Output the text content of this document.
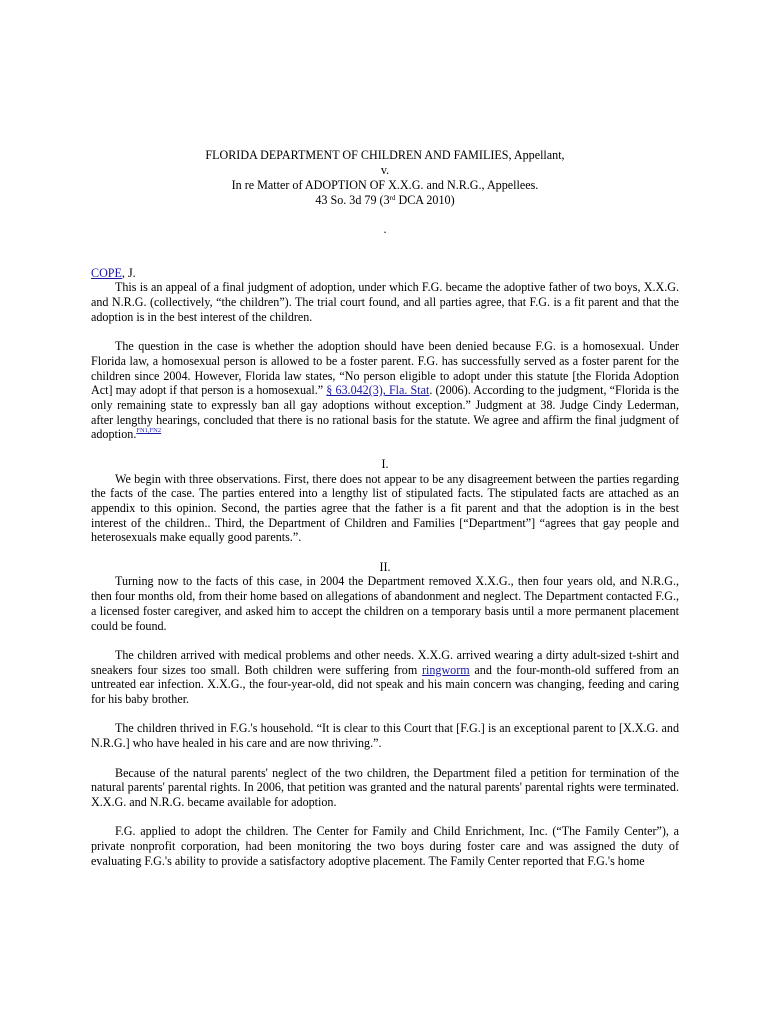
FLORIDA DEPARTMENT OF CHILDREN AND FAMILIES, Appellant,
v.
In re Matter of ADOPTION OF X.X.G. and N.R.G., Appellees.
43 So. 3d 79 (3rd DCA 2010)
.
COPE, J.

This is an appeal of a final judgment of adoption, under which F.G. became the adoptive father of two boys, X.X.G. and N.R.G. (collectively, “the children”). The trial court found, and all parties agree, that F.G. is a fit parent and that the adoption is in the best interest of the children.

The question in the case is whether the adoption should have been denied because F.G. is a homosexual. Under Florida law, a homosexual person is allowed to be a foster parent. F.G. has successfully served as a foster parent for the children since 2004. However, Florida law states, “No person eligible to adopt under this statute [the Florida Adoption Act] may adopt if that person is a homosexual.” § 63.042(3), Fla. Stat. (2006). According to the judgment, “Florida is the only remaining state to expressly ban all gay adoptions without exception.” Judgment at 38. Judge Cindy Lederman, after lengthy hearings, concluded that there is no rational basis for the statute. We agree and affirm the final judgment of adoption.$^{FN1,FN2}$

I.

We begin with three observations. First, there does not appear to be any disagreement between the parties regarding the facts of the case. The parties entered into a lengthy list of stipulated facts. The stipulated facts are attached as an appendix to this opinion. Second, the parties agree that the father is a fit parent and that the adoption is in the best interest of the children.. Third, the Department of Children and Families [“Department”] “agrees that gay people and heterosexuals make equally good parents.”.

II.

Turning now to the facts of this case, in 2004 the Department removed X.X.G., then four years old, and N.R.G., then four months old, from their home based on allegations of abandonment and neglect. The Department contacted F.G., a licensed foster caregiver, and asked him to accept the children on a temporary basis until a more permanent placement could be found.

The children arrived with medical problems and other needs. X.X.G. arrived wearing a dirty adult-sized t-shirt and sneakers four sizes too small. Both children were suffering from ringworm and the four-month-old suffered from an untreated ear infection. X.X.G., the four-year-old, did not speak and his main concern was changing, feeding and caring for his baby brother.

The children thrived in F.G.'s household. “It is clear to this Court that [F.G.] is an exceptional parent to [X.X.G. and N.R.G.] who have healed in his care and are now thriving.”.

Because of the natural parents' neglect of the two children, the Department filed a petition for termination of the natural parents' parental rights. In 2006, that petition was granted and the natural parents' parental rights were terminated. X.X.G. and N.R.G. became available for adoption.

F.G. applied to adopt the children. The Center for Family and Child Enrichment, Inc. (“The Family Center”), a private nonprofit corporation, had been monitoring the two boys during foster care and was assigned the duty of evaluating F.G.'s ability to provide a satisfactory adoptive placement. The Family Center reported that F.G.'s home
